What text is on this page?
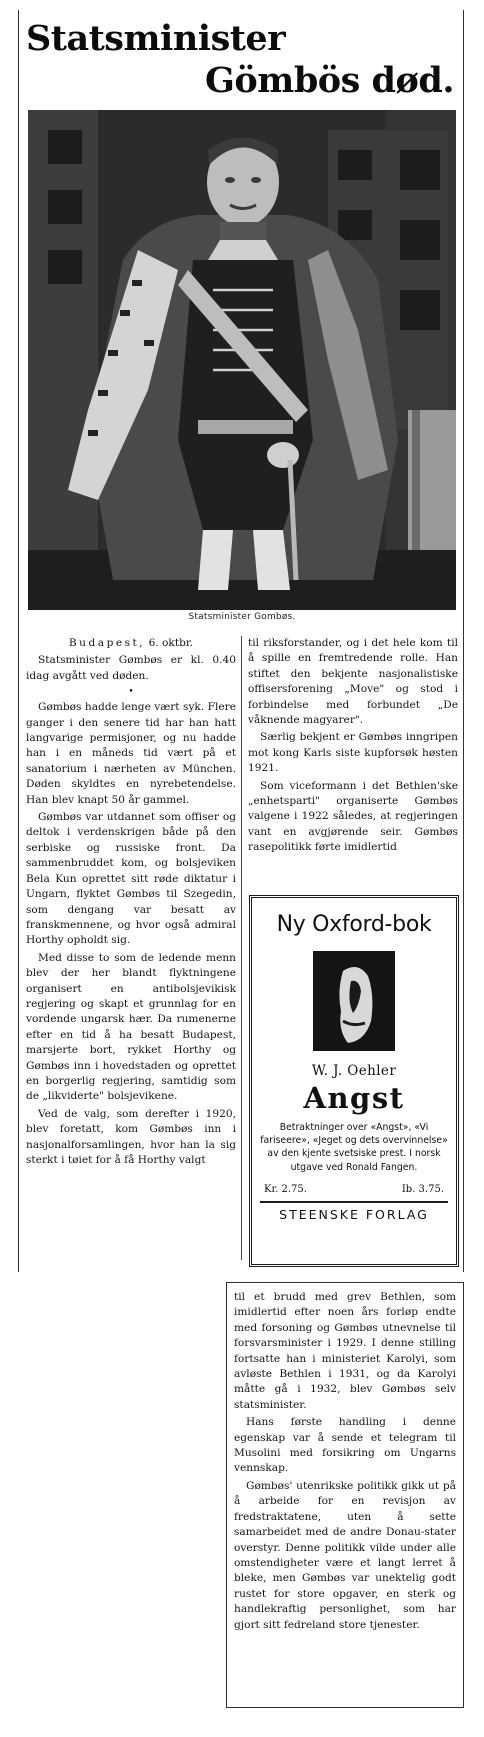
Statsminister
Gömbös død.
Statsminister Gombøs.

Budapest, 6. oktbr.

Statsminister Gømbøs er kl. 0.40 idag avgått ved døden.

•

Gømbøs hadde lenge vært syk. Flere ganger i den senere tid har han hatt langvarige permisjoner, og nu hadde han i en måneds tid vært på et sanatorium i nærheten av München. Døden skyldtes en nyrebetendelse. Han blev knapt 50 år gammel.

Gømbøs var utdannet som offiser og deltok i verdenskrigen både på den serbiske og russiske front. Da sammenbruddet kom, og bolsjeviken Bela Kun oprettet sitt røde diktatur i Ungarn, flyktet Gømbøs til Szegedin, som dengang var besatt av franskmennene, og hvor også admiral Horthy opholdt sig.

Med disse to som de ledende menn blev der her blandt flyktningene organisert en antibolsjevikisk regjering og skapt et grunnlag for en vordende ungarsk hær. Da rumenerne efter en tid å ha besatt Budapest, marsjerte bort, rykket Horthy og Gømbøs inn i hovedstaden og oprettet en borgerlig regjering, samtidig som de „likviderte" bolsjevikene.

Ved de valg, som derefter i 1920, blev foretatt, kom Gømbøs inn i nasjonalforsamlingen, hvor han la sig sterkt i tøiet for å få Horthy valgt

til riksforstander, og i det hele kom til å spille en fremtredende rolle. Han stiftet den bekjente nasjonalistiske offisersforening „Move" og stod i forbindelse med forbundet „De våknende magyarer".

Særlig bekjent er Gømbøs inngripen mot kong Karls siste kupforsøk høsten 1921.

Som viceformann i det Bethlen'ske „enhetsparti" organiserte Gømbøs valgene i 1922 således, at regjeringen vant en avgjørende seir. Gømbøs rasepolitikk førte imidlertid

Ny Oxford-bok
W. J. Oehler
Angst
Betraktninger over «Angst», «Vi fariseere», «Jeget og dets overvinnelse» av den kjente svetsiske prest. I norsk utgave ved Ronald Fangen.
Kr. 2.75.	Ib. 3.75.
STEENSKE FORLAG

til et brudd med grev Bethlen, som imidlertid efter noen års forløp endte med forsoning og Gømbøs utnevnelse til forsvarsminister i 1929. I denne stilling fortsatte han i ministeriet Karolyi, som avløste Bethlen i 1931, og da Karolyi måtte gå i 1932, blev Gømbøs selv statsminister.

Hans første handling i denne egenskap var å sende et telegram til Musolini med forsikring om Ungarns vennskap.

Gømbøs' utenrikske politikk gikk ut på å arbeide for en revisjon av fredstraktatene, uten å sette samarbeidet med de andre Donau-stater overstyr. Denne politikk vilde under alle omstendigheter være et langt lerret å bleke, men Gømbøs var unektelig godt rustet for store opgaver, en sterk og handlekraftig personlighet, som har gjort sitt fedreland store tjenester.
